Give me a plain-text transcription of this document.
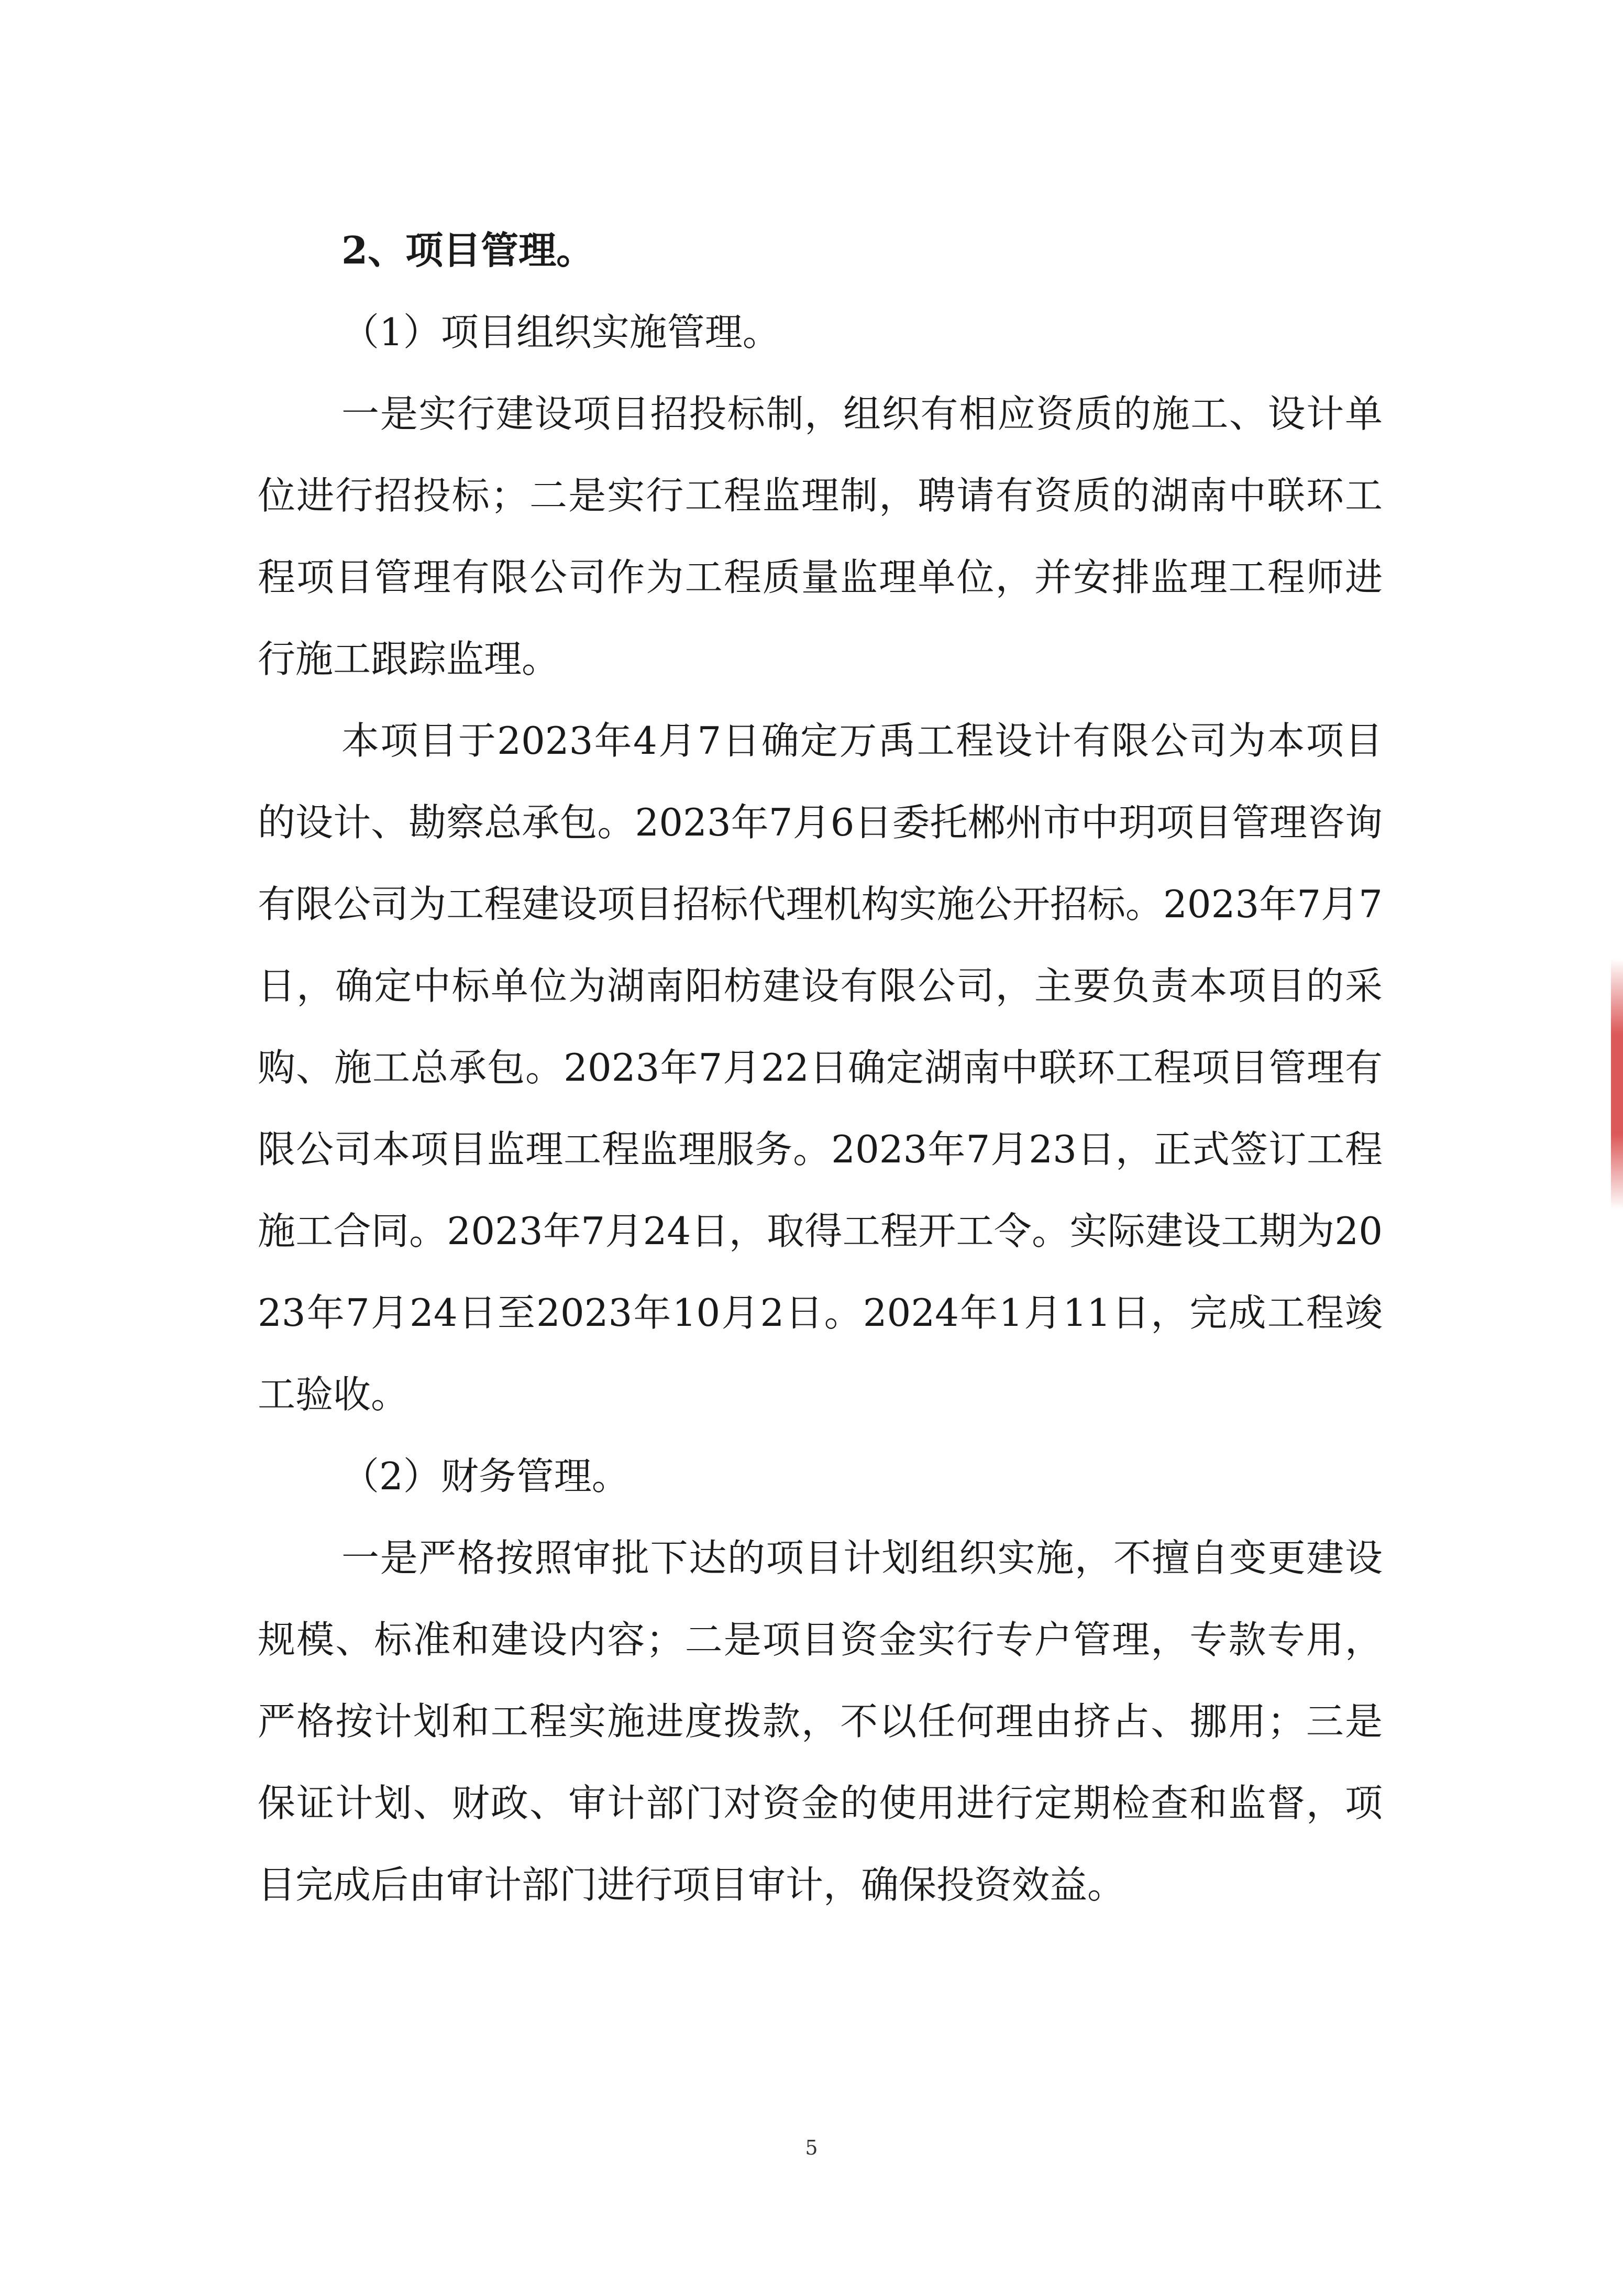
2、项目管理。

（1）项目组织实施管理。

一是实行建设项目招投标制，组织有相应资质的施工、设计单位进行招投标；二是实行工程监理制，聘请有资质的湖南中联环工程项目管理有限公司作为工程质量监理单位，并安排监理工程师进行施工跟踪监理。

本项目于2023年4月7日确定万禹工程设计有限公司为本项目的设计、勘察总承包。2023年7月6日委托郴州市中玥项目管理咨询有限公司为工程建设项目招标代理机构实施公开招标。2023年7月7日，确定中标单位为湖南阳枋建设有限公司，主要负责本项目的采购、施工总承包。2023年7月22日确定湖南中联环工程项目管理有限公司本项目监理工程监理服务。2023年7月23日，正式签订工程施工合同。2023年7月24日，取得工程开工令。实际建设工期为2023年7月24日至2023年10月2日。2024年1月11日，完成工程竣工验收。

（2）财务管理。

一是严格按照审批下达的项目计划组织实施，不擅自变更建设规模、标准和建设内容；二是项目资金实行专户管理，专款专用，严格按计划和工程实施进度拨款，不以任何理由挤占、挪用；三是保证计划、财政、审计部门对资金的使用进行定期检查和监督，项目完成后由审计部门进行项目审计，确保投资效益。

5
